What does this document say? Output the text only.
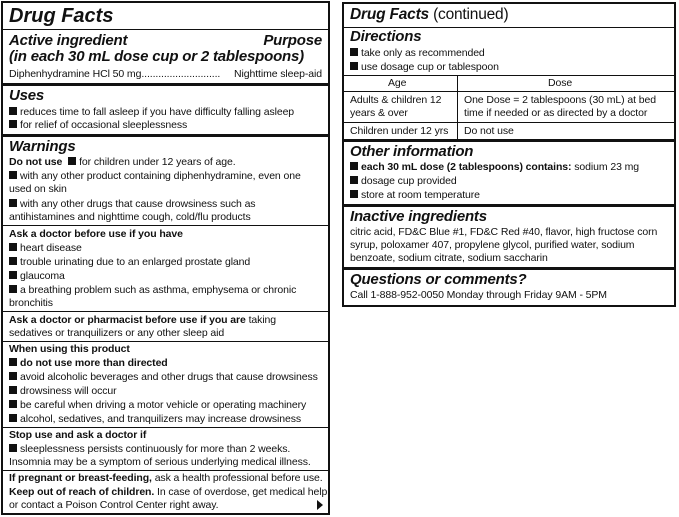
Drug Facts
Active ingredient	Purpose
(in each 30 mL dose cup or 2 tablespoons)
Diphenhydramine HCl 50 mg............................ Nighttime sleep-aid
Uses
reduces time to fall asleep if you have difficulty falling asleep
for relief of occasional sleeplessness
Warnings
Do not use for children under 12 years of age.
with any other product containing diphenhydramine, even one
used on skin
with any other drugs that cause drowsiness such as
antihistamines and nighttime cough, cold/flu products
Ask a doctor before use if you have
heart disease
trouble urinating due to an enlarged prostate gland
glaucoma
a breathing problem such as asthma, emphysema or chronic
bronchitis
Ask a doctor or pharmacist before use if you are taking
sedatives or tranquilizers or any other sleep aid
When using this product
do not use more than directed
avoid alcoholic beverages and other drugs that cause drowsiness
drowsiness will occur
be careful when driving a motor vehicle or operating machinery
alcohol, sedatives, and tranquilizers may increase drowsiness
Stop use and ask a doctor if
sleeplessness persists continuously for more than 2 weeks.
Insomnia may be a symptom of serious underlying medical illness.
If pregnant or breast-feeding, ask a health professional before use.
Keep out of reach of children. In case of overdose, get medical help
or contact a Poison Control Center right away.
Drug Facts (continued)
Directions
take only as recommended
use dosage cup or tablespoon
Age	Dose
Adults & children 12
years & over
One Dose = 2 tablespoons (30 mL) at bed
time if needed or as directed by a doctor
Children under 12 yrs Do not use
Other information
each 30 mL dose (2 tablespoons) contains: sodium 23 mg
dosage cup provided
store at room temperature
Inactive ingredients
citric acid, FD&C Blue #1, FD&C Red #40, flavor, high fructose corn
syrup, poloxamer 407, propylene glycol, purified water, sodium
benzoate, sodium citrate, sodium saccharin
Questions or comments?
Call 1-888-952-0050 Monday through Friday 9AM - 5PM
